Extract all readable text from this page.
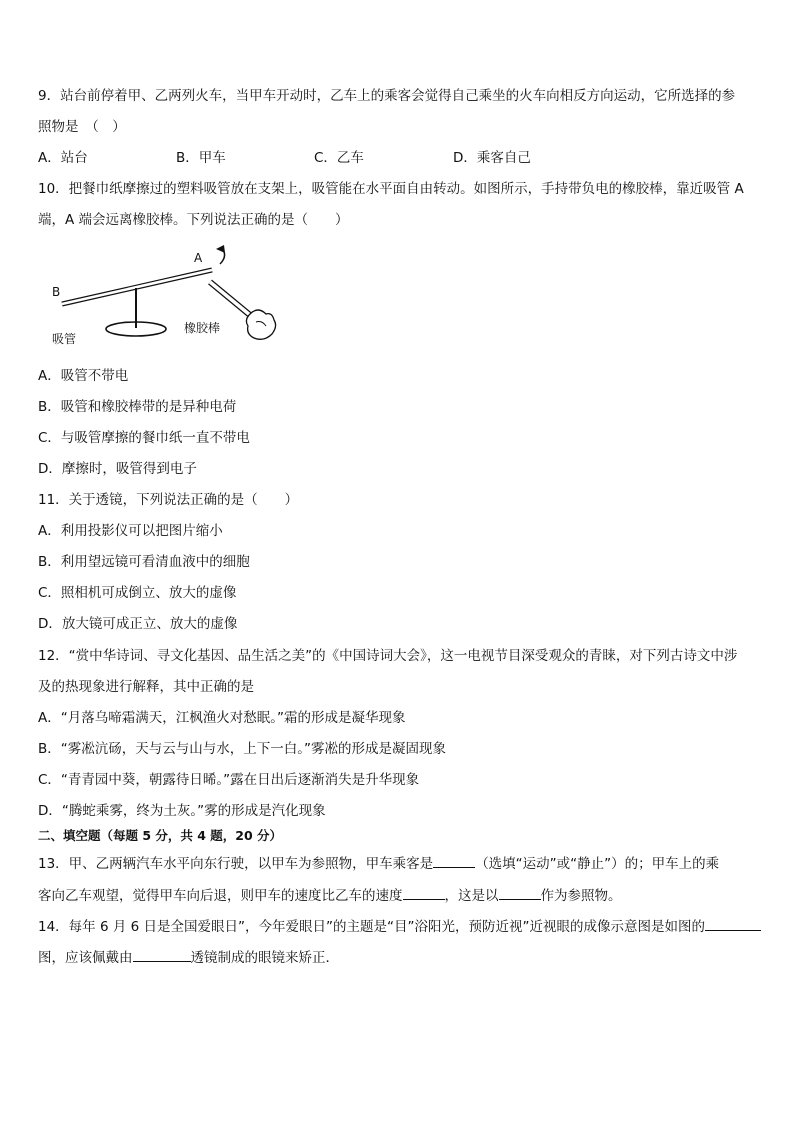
9．站台前停着甲、乙两列火车，当甲车开动时，乙车上的乘客会觉得自己乘坐的火车向相反方向运动，它所选择的参
照物是　（　）
A．站台	B．甲车	C．乙车	D．乘客自己
10．把餐巾纸摩擦过的塑料吸管放在支架上，吸管能在水平面自由转动。如图所示，手持带负电的橡胶棒，靠近吸管 A
端，A 端会远离橡胶棒。下列说法正确的是（　　）
A
B
吸管
橡胶棒
A．吸管不带电
B．吸管和橡胶棒带的是异种电荷
C．与吸管摩擦的餐巾纸一直不带电
D．摩擦时，吸管得到电子
11．关于透镜，下列说法正确的是（　　）
A．利用投影仪可以把图片缩小
B．利用望远镜可看清血液中的细胞
C．照相机可成倒立、放大的虚像
D．放大镜可成正立、放大的虚像
12．“赏中华诗词、寻文化基因、品生活之美”的《中国诗词大会》，这一电视节目深受观众的青睐，对下列古诗文中涉
及的热现象进行解释，其中正确的是
A．“月落乌啼霜满天，江枫渔火对愁眠。”霜的形成是凝华现象
B．“雾凇沆砀，天与云与山与水，上下一白。”雾凇的形成是凝固现象
C．“青青园中葵，朝露待日晞。”露在日出后逐渐消失是升华现象
D．“腾蛇乘雾，终为土灰。”雾的形成是汽化现象
二、填空题（每题 5 分，共 4 题，20 分）
13．甲、乙两辆汽车水平向东行驶，以甲车为参照物，甲车乘客是	（选填“运动”或“静止”）的；甲车上的乘
客向乙车观望，觉得甲车向后退，则甲车的速度比乙车的速度	，这是以	作为参照物。
14．每年 6 月 6 日是全国爱眼日”，今年爱眼日”的主题是“目”浴阳光，预防近视”近视眼的成像示意图是如图的
图，应该佩戴由	透镜制成的眼镜来矫正．
